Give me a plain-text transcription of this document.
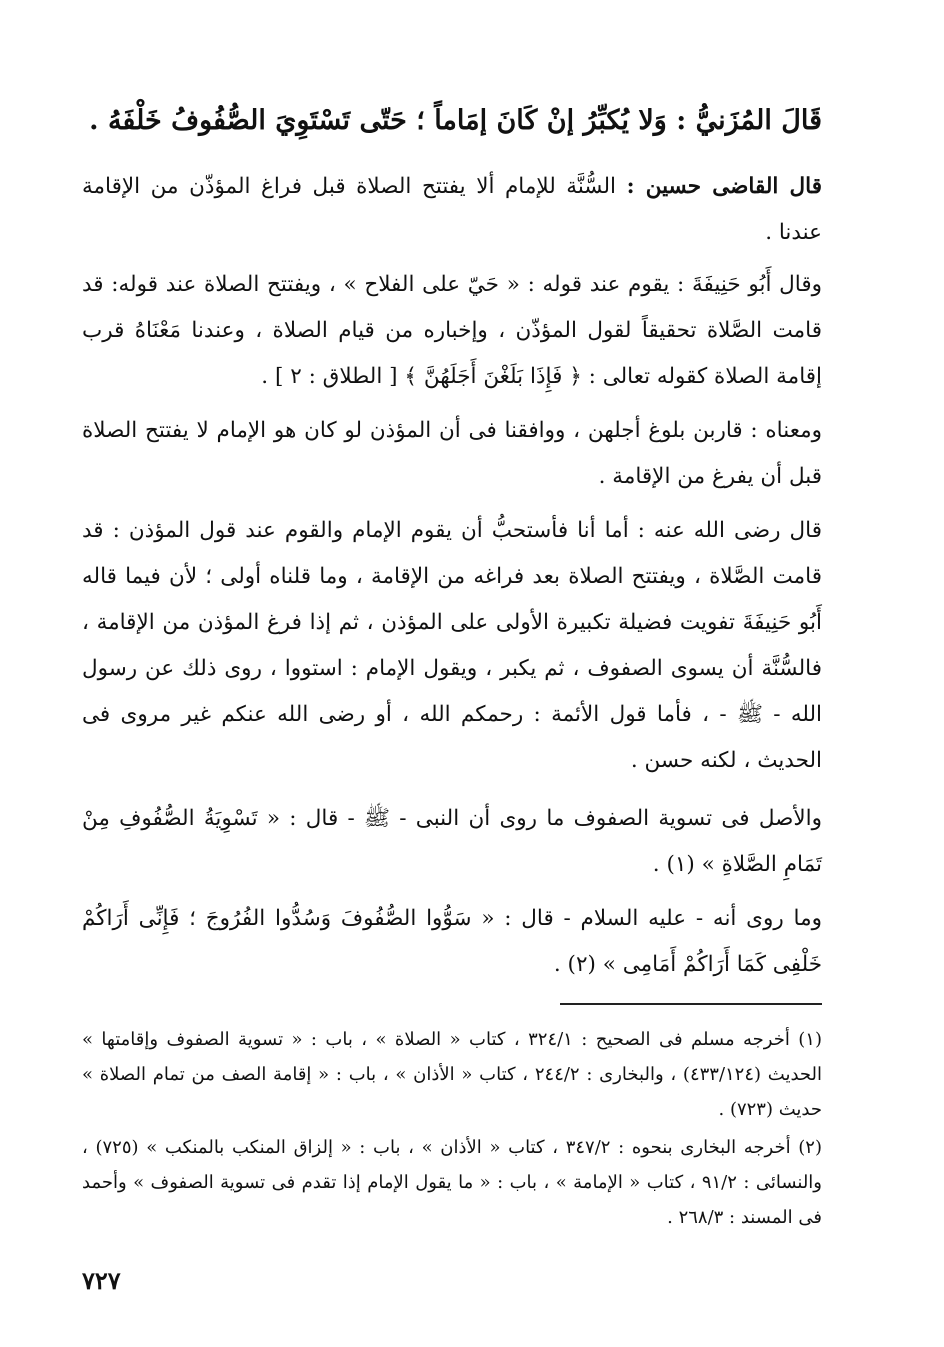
قَالَ المُزَنيُّ : وَلا يُكبِّرُ إنْ كَانَ إمَاماً ؛ حَتّى تَسْتَوِيَ الصُّفُوفُ خَلْفَهُ .
قال القاضى حسين : السُّنَّة للإمام ألا يفتتح الصلاة قبل فراغ المؤذّن من الإقامة عندنا .
وقال أَبُو حَنِيفَةَ : يقوم عند قوله : « حَيّ على الفلاح » ، ويفتتح الصلاة عند قوله: قد قامت الصَّلاة تحقيقاً لقول المؤذّن ، وإخباره من قيام الصلاة ، وعندنا مَعْنَاهُ قرب إقامة الصلاة كقوله تعالى : ﴿ فَإِذَا بَلَغْنَ أَجَلَهُنَّ ﴾ [ الطلاق : ٢ ] .
ومعناه : قاربن بلوغ أجلهن ، ووافقنا فى أن المؤذن لو كان هو الإمام لا يفتتح الصلاة قبل أن يفرغ من الإقامة .
قال رضى الله عنه : أما أنا فأستحبُّ أن يقوم الإمام والقوم عند قول المؤذن : قد قامت الصَّلاة ، ويفتتح الصلاة بعد فراغه من الإقامة ، وما قلناه أولى ؛ لأن فيما قاله أَبُو حَنِيفَةَ تفويت فضيلة تكبيرة الأولى على المؤذن ، ثم إذا فرغ المؤذن من الإقامة ، فالسُّنَّة أن يسوى الصفوف ، ثم يكبر ، ويقول الإمام : استووا ، روى ذلك عن رسول الله - ﷺ - ، فأما قول الأئمة : رحمكم الله ، أو رضى الله عنكم غير مروى فى الحديث ، لكنه حسن .
والأصل فى تسوية الصفوف ما روى أن النبى - ﷺ - قال : « تَسْوِيَةُ الصُّفُوفِ مِنْ تَمَامِ الصَّلاةِ » (١) .
وما روى أنه - عليه السلام - قال : « سَوُّوا الصُّفُوفَ وَسُدُّوا الفُرُوجَ ؛ فَإِنِّى أَرَاكُمْ خَلْفِى كَمَا أَرَاكُمْ أَمَامِى » (٢) .
(١) أخرجه مسلم فى الصحيح : ٣٢٤/١ ، كتاب « الصلاة » ، باب : « تسوية الصفوف وإقامتها » الحديث (٤٣٣/١٢٤) ، والبخارى : ٢٤٤/٢ ، كتاب « الأذان » ، باب : « إقامة الصف من تمام الصلاة » حديث (٧٢٣) .
(٢) أخرجه البخارى بنحوه : ٣٤٧/٢ ، كتاب « الأذان » ، باب : « إلزاق المنكب بالمنكب » (٧٢٥) ، والنسائى : ٩١/٢ ، كتاب « الإمامة » ، باب : « ما يقول الإمام إذا تقدم فى تسوية الصفوف » وأحمد فى المسند : ٢٦٨/٣ .
٧٢٧
